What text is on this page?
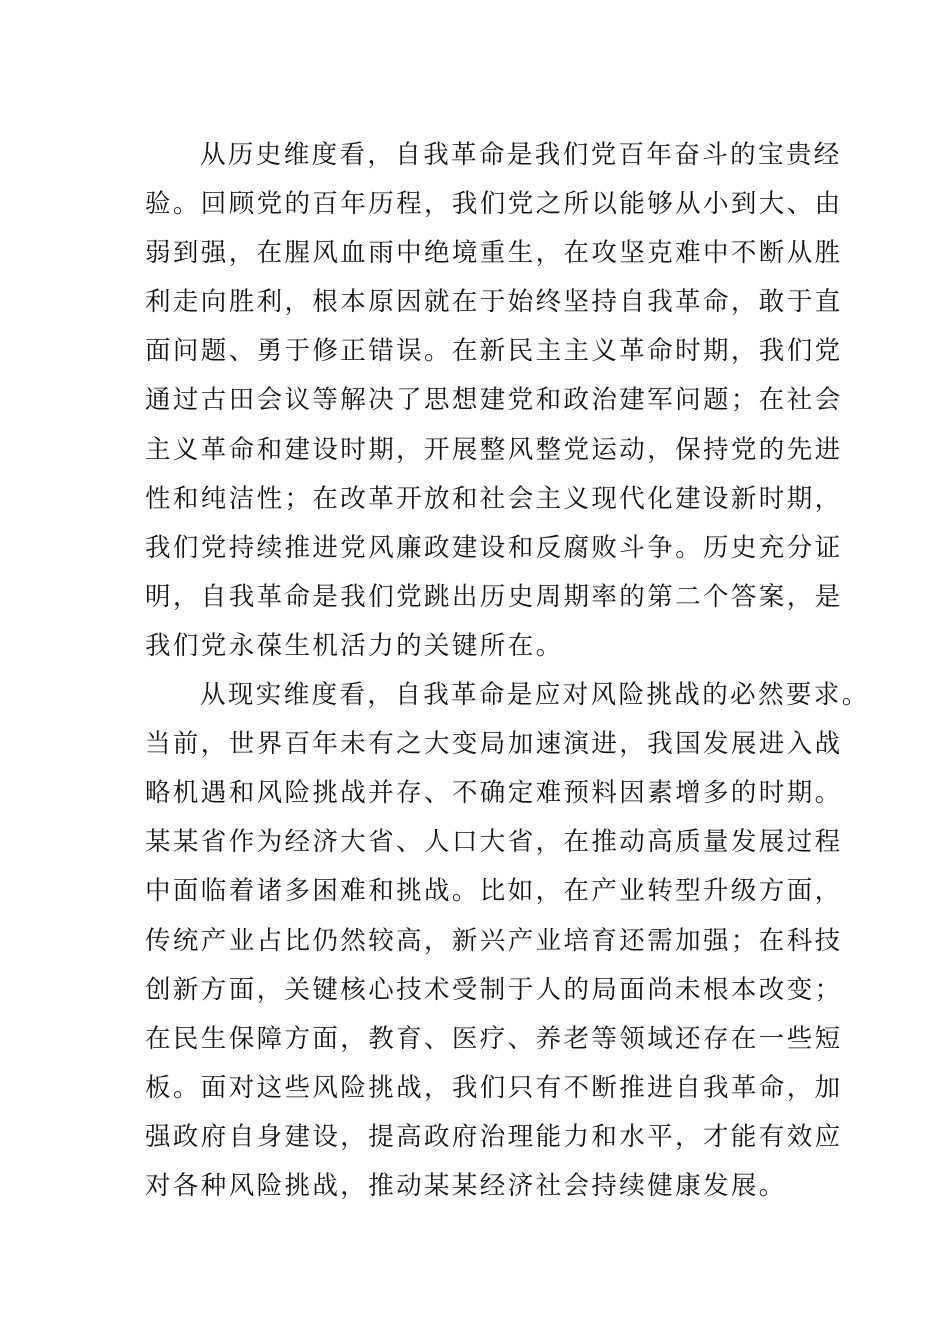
从历史维度看，自我革命是我们党百年奋斗的宝贵经
验。回顾党的百年历程，我们党之所以能够从小到大、由
弱到强，在腥风血雨中绝境重生，在攻坚克难中不断从胜
利走向胜利，根本原因就在于始终坚持自我革命，敢于直
面问题、勇于修正错误。在新民主主义革命时期，我们党
通过古田会议等解决了思想建党和政治建军问题；在社会
主义革命和建设时期，开展整风整党运动，保持党的先进
性和纯洁性；在改革开放和社会主义现代化建设新时期，
我们党持续推进党风廉政建设和反腐败斗争。历史充分证
明，自我革命是我们党跳出历史周期率的第二个答案，是
我们党永葆生机活力的关键所在。
从现实维度看，自我革命是应对风险挑战的必然要求。
当前，世界百年未有之大变局加速演进，我国发展进入战
略机遇和风险挑战并存、不确定难预料因素增多的时期。
某某省作为经济大省、人口大省，在推动高质量发展过程
中面临着诸多困难和挑战。比如，在产业转型升级方面，
传统产业占比仍然较高，新兴产业培育还需加强；在科技
创新方面，关键核心技术受制于人的局面尚未根本改变；
在民生保障方面，教育、医疗、养老等领域还存在一些短
板。面对这些风险挑战，我们只有不断推进自我革命，加
强政府自身建设，提高政府治理能力和水平，才能有效应
对各种风险挑战，推动某某经济社会持续健康发展。
